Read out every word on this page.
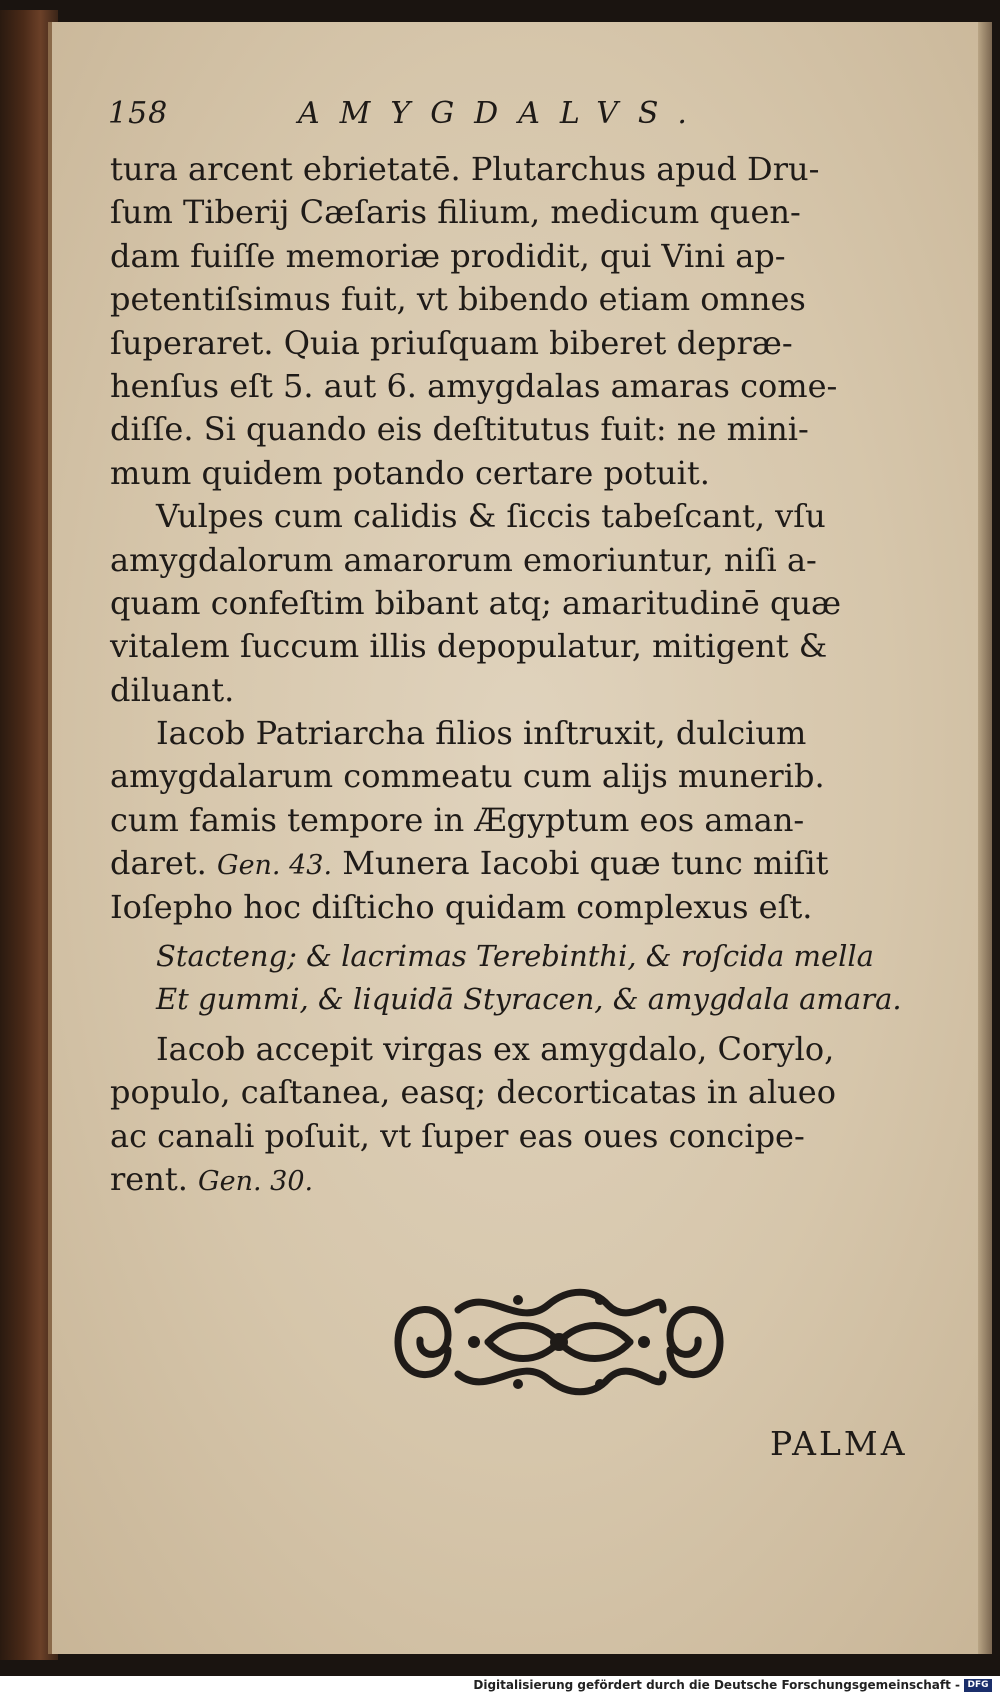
158	AMYGDALVS.
tura arcent ebrietatē. Plutarchus apud Dru-
ſum Tiberij Cæſaris filium, medicum quen-
dam fuiſſe memoriæ prodidit, qui Vini ap-
petentiſsimus fuit, vt bibendo etiam omnes
ſuperaret. Quia priuſquam biberet depræ-
henſus eſt 5. aut 6. amygdalas amaras come-
diſſe. Si quando eis deſtitutus fuit: ne mini-
mum quidem potando certare potuit.
Vulpes cum calidis & ſiccis tabeſcant, vſu
amygdalorum amarorum emoriuntur, niſi a-
quam confeſtim bibant atq; amaritudinē quæ
vitalem ſuccum illis depopulatur, mitigent &
diluant.
Iacob Patriarcha filios inſtruxit, dulcium
amygdalarum commeatu cum alijs munerib.
cum famis tempore in Ægyptum eos aman-
daret. Gen. 43. Munera Iacobi quæ tunc miſit
Ioſepho hoc diſticho quidam complexus eſt.
Stacteng; & lacrimas Terebinthi, & roſcida mella
Et gummi, & liquidā Styracen, & amygdala amara.
Iacob accepit virgas ex amygdalo, Corylo,
populo, caſtanea, easq; decorticatas in alueo
ac canali poſuit, vt ſuper eas oues concipe-
rent. Gen. 30.
PALMA
Digitalisierung gefördert durch die Deutsche Forschungsgemeinschaft - DFG
